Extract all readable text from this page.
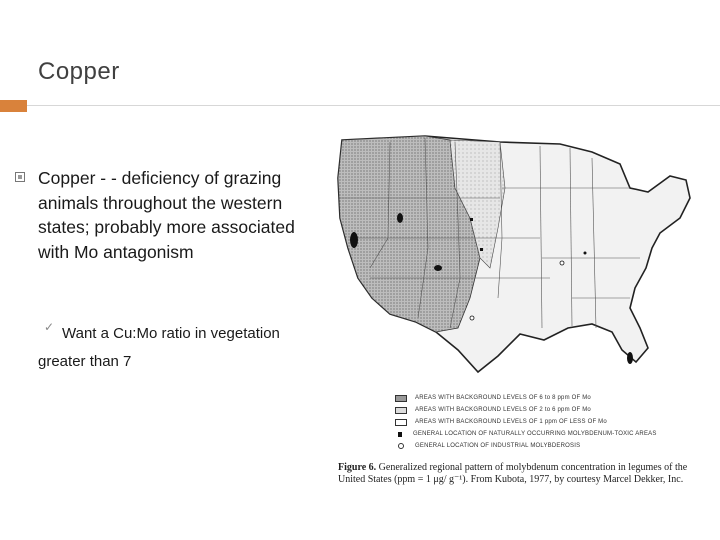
Copper
Copper - - deficiency of grazing animals throughout the western states; probably more associated with Mo antagonism
Want a Cu:Mo ratio in vegetation greater than 7
✓
AREAS WITH BACKGROUND LEVELS OF 6 to 8 ppm OF Mo
AREAS WITH BACKGROUND LEVELS OF 2 to 6 ppm OF Mo
AREAS WITH BACKGROUND LEVELS OF 1 ppm OF LESS OF Mo
GENERAL LOCATION OF NATURALLY OCCURRING MOLYBDENUM-TOXIC AREAS
GENERAL LOCATION OF INDUSTRIAL MOLYBDEROSIS
Figure 6. Generalized regional pattern of molybdenum concentration in legumes of the United States (ppm = 1 μg/ g⁻¹). From Kubota, 1977, by courtesy Marcel Dekker, Inc.
